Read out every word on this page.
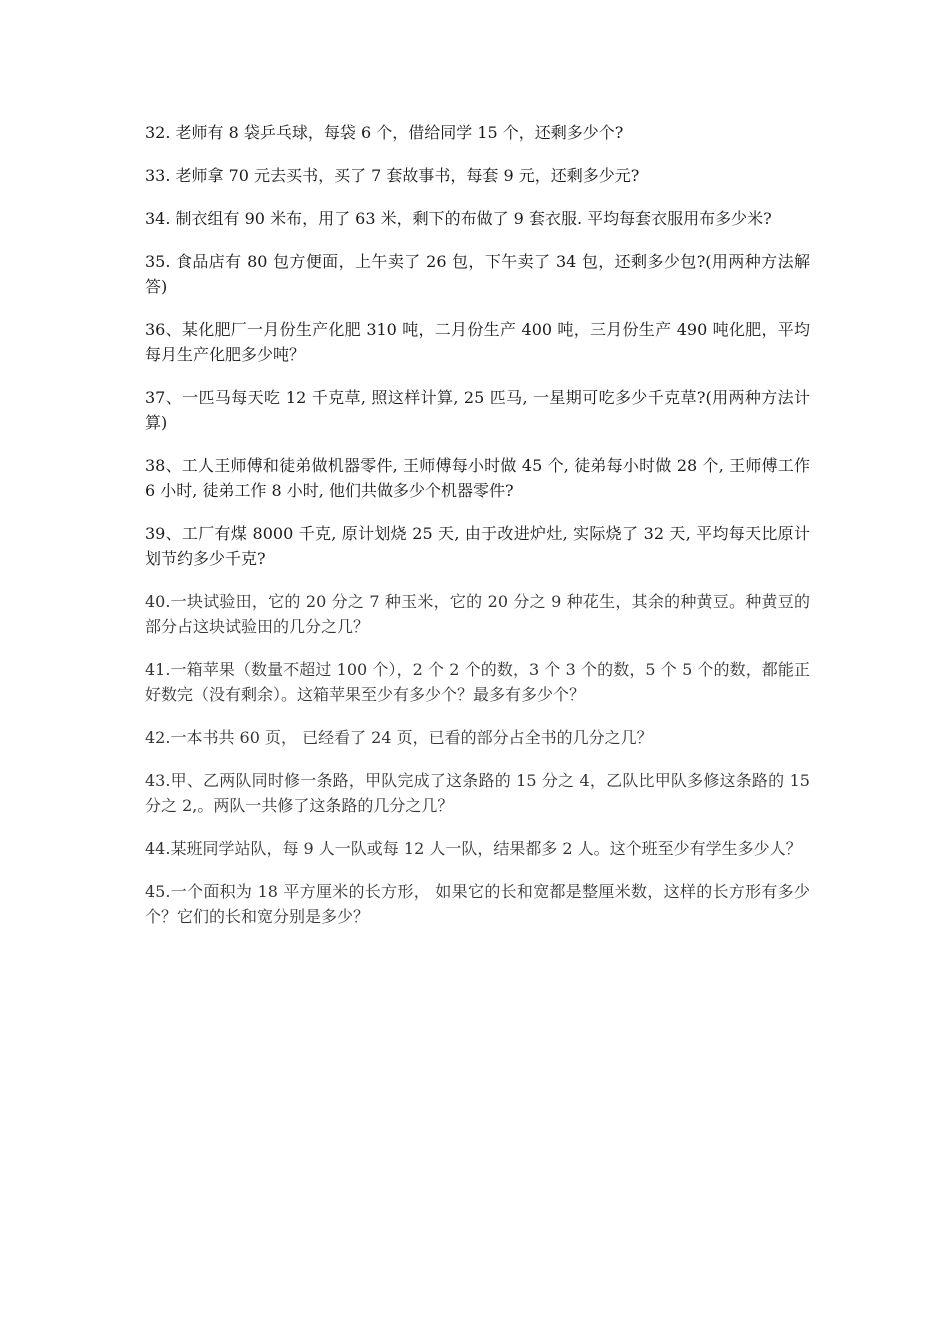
32. 老师有 8 袋乒乓球，每袋 6 个，借给同学 15 个，还剩多少个?

33. 老师拿 70 元去买书，买了 7 套故事书，每套 9 元，还剩多少元?

34. 制衣组有 90 米布，用了 63 米，剩下的布做了 9 套衣服. 平均每套衣服用布多少米?

35. 食品店有 80 包方便面，上午卖了 26 包，下午卖了 34 包，还剩多少包?(用两种方法解答)

36、某化肥厂一月份生产化肥 310 吨，二月份生产 400 吨，三月份生产 490 吨化肥，平均每月生产化肥多少吨？

37、一匹马每天吃 12 千克草, 照这样计算, 25 匹马, 一星期可吃多少千克草?(用两种方法计算)

38、工人王师傅和徒弟做机器零件, 王师傅每小时做 45 个, 徒弟每小时做 28 个, 王师傅工作 6 小时, 徒弟工作 8 小时, 他们共做多少个机器零件?

39、工厂有煤 8000 千克, 原计划烧 25 天, 由于改进炉灶, 实际烧了 32 天, 平均每天比原计划节约多少千克?

40.一块试验田，它的 20 分之 7 种玉米，它的 20 分之 9 种花生，其余的种黄豆。种黄豆的部分占这块试验田的几分之几？

41.一箱苹果（数量不超过 100 个），2 个 2 个的数，3 个 3 个的数，5 个 5 个的数，都能正好数完（没有剩余）。这箱苹果至少有多少个？最多有多少个？

42.一本书共 60 页， 已经看了 24 页，已看的部分占全书的几分之几？

43.甲、乙两队同时修一条路，甲队完成了这条路的 15 分之 4，乙队比甲队多修这条路的 15 分之 2,。两队一共修了这条路的几分之几？

44.某班同学站队，每 9 人一队或每 12 人一队，结果都多 2 人。这个班至少有学生多少人？

45.一个面积为 18 平方厘米的长方形， 如果它的长和宽都是整厘米数，这样的长方形有多少个？它们的长和宽分别是多少？
